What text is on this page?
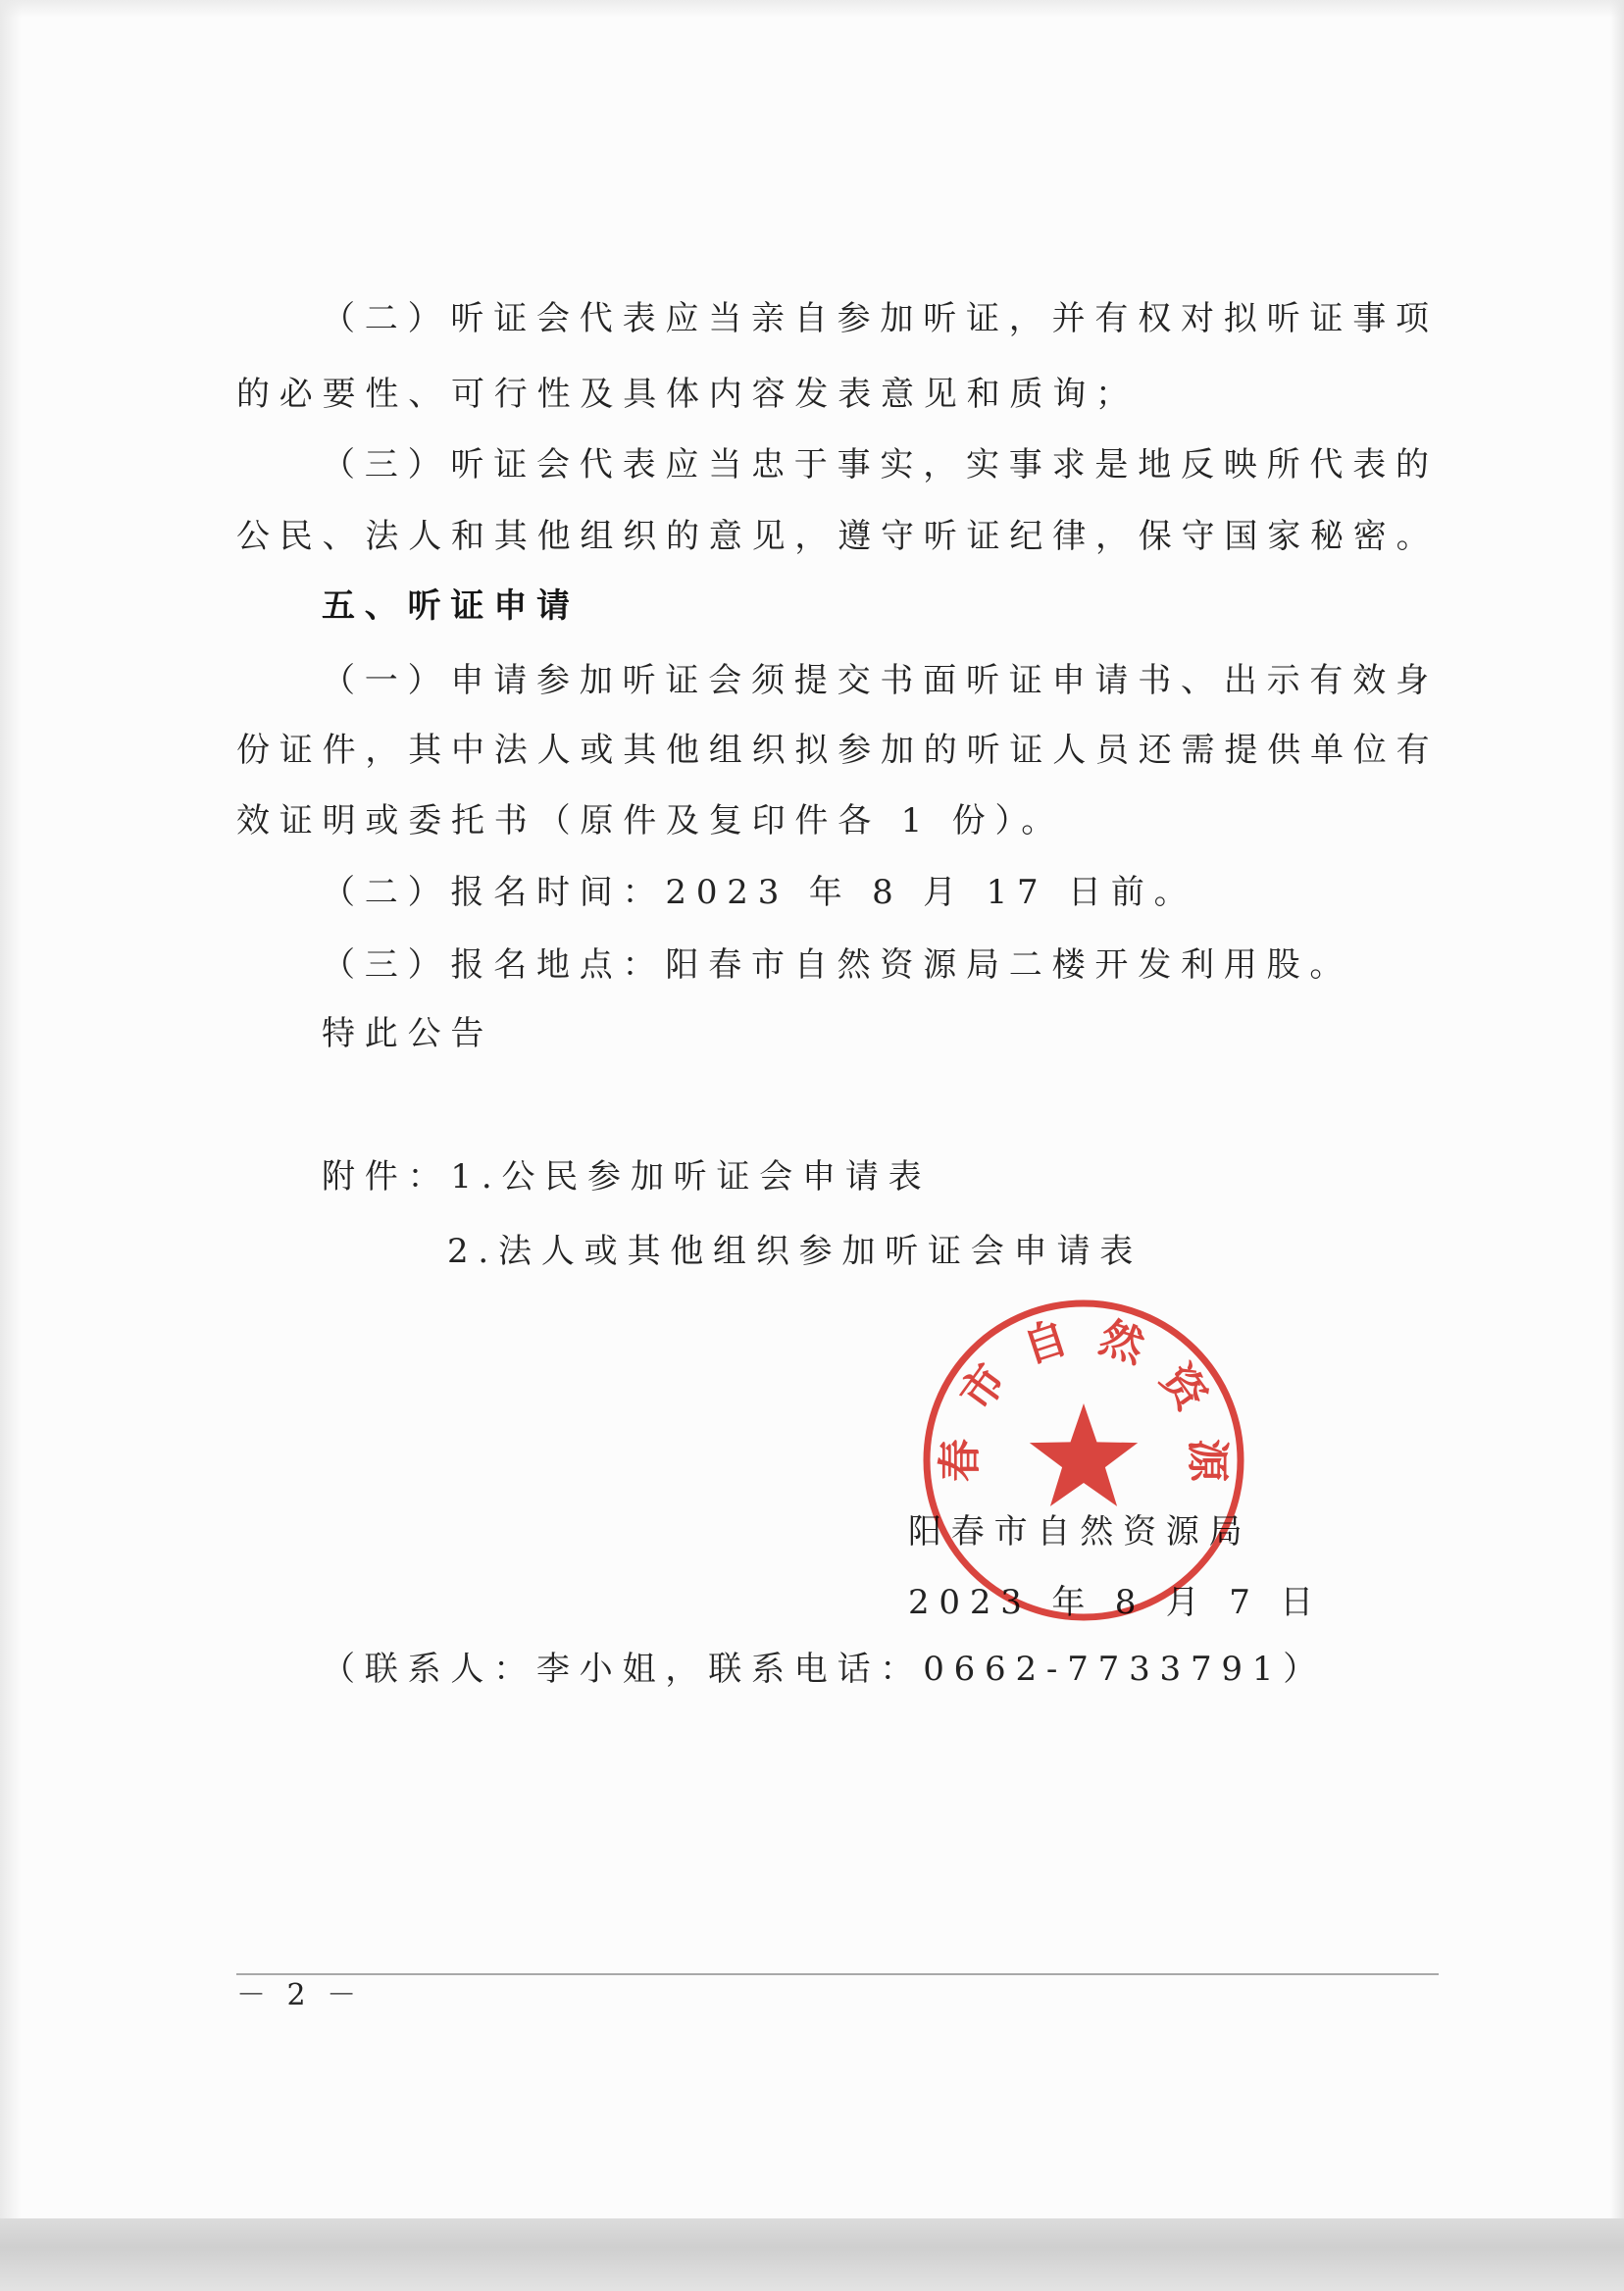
（二）听证会代表应当亲自参加听证，并有权对拟听证事项
的必要性、可行性及具体内容发表意见和质询；
（三）听证会代表应当忠于事实，实事求是地反映所代表的
公民、法人和其他组织的意见，遵守听证纪律，保守国家秘密。
五、听证申请
（一）申请参加听证会须提交书面听证申请书、出示有效身
份证件，其中法人或其他组织拟参加的听证人员还需提供单位有
效证明或委托书（原件及复印件各 1 份）。
（二）报名时间：2023 年 8 月 17 日前。
（三）报名地点：阳春市自然资源局二楼开发利用股。
特此公告
附件：1.公民参加听证会申请表
2.法人或其他组织参加听证会申请表
阳春市自然资源局
2023 年 8 月 7 日
春
市
自 然
资
源
（联系人：李小姐，联系电话：0662-7733791）
－ 2 －
